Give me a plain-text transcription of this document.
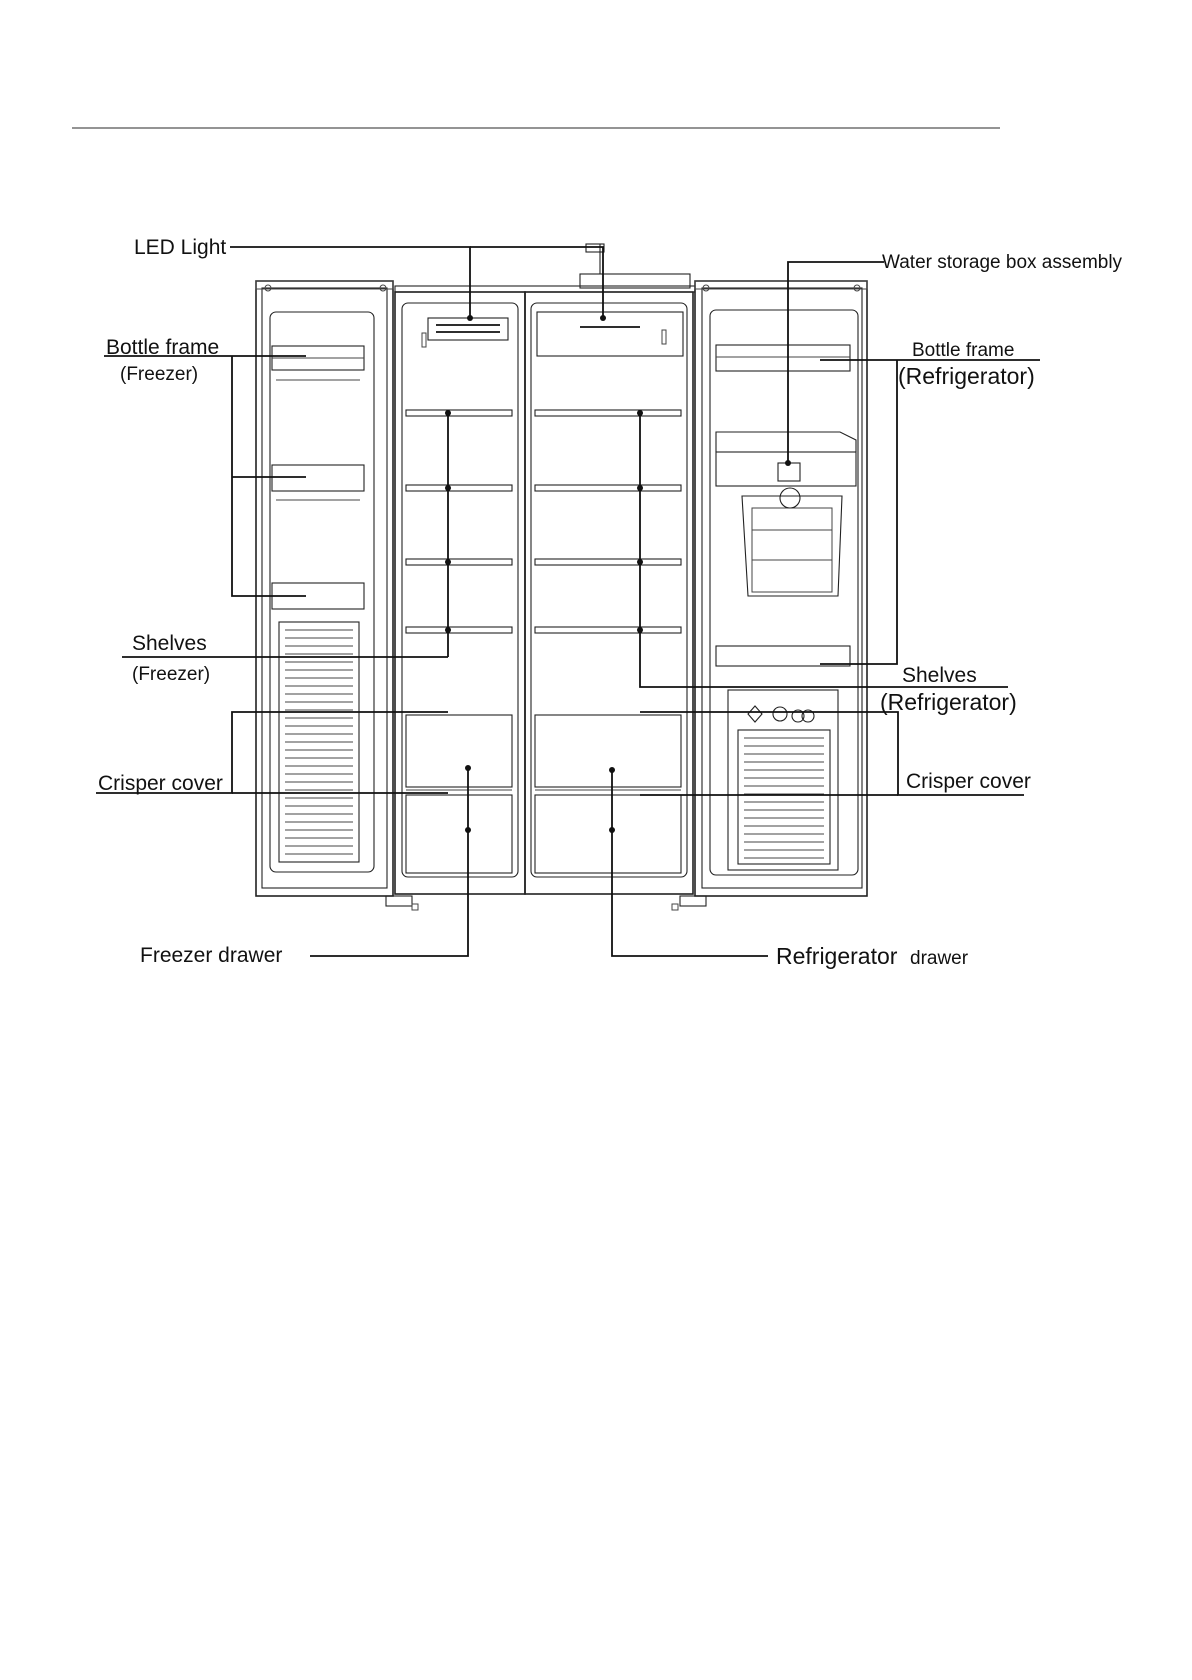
LED Light
Water storage box assembly
Bottle frame
(Freezer)
Bottle frame
(Refrigerator)
Shelves
(Freezer)	Shelves
(Refrigerator)
Crisper cover	Crisper cover
Freezer drawer	Refrigerator drawer
